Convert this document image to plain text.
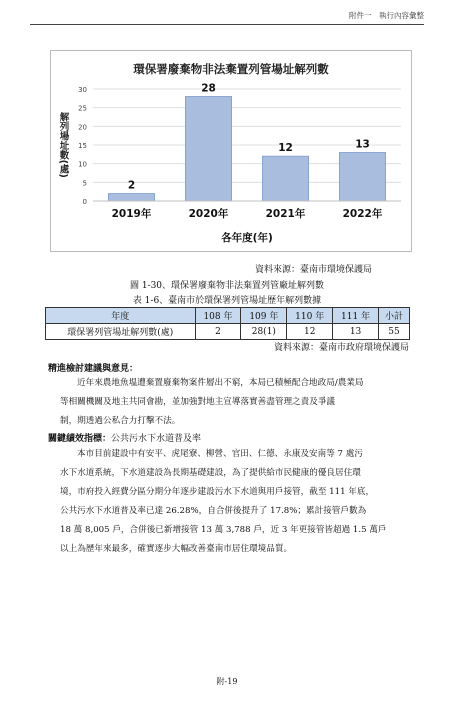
附件一　執行內容彙整
環保署廢棄物非法棄置列管場址解列數
0
5
10
15
20
25
30
解列場址數(處)
2
2019年
28
2020年
12
2021年
13
2022年
各年度(年)
資料來源：臺南市環境保護局
圖 1-30、環保署廢棄物非法棄置列管廠址解列數
表 1-6、臺南市於環保署列管場址歷年解列數據
年度	108 年	109 年	110 年	111 年	小計
環保署列管場址解列數(處)	2	28(1)	12	13	55
資料來源：臺南市政府環境保護局
精進檢討建議與意見：

近年來農地魚塭遭棄置廢棄物案件層出不窮，本局已積極配合地政局/農業局
等相關機關及地主共同會勘，並加強對地主宣導落實善盡管理之責及爭議
制，期透過公私合力打擊不法。

關鍵績效指標：公共污水下水道普及率

本市目前建設中有安平、虎尾寮、柳營、官田、仁德、永康及安南等 7 處污
水下水道系統，下水道建設為長期基礎建設，為了提供給市民健康的優良居住環
境，市府投入經費分區分期分年逐步建設污水下水道與用戶接管，截至 111 年底，
公共污水下水道普及率已達 26.28%，自合併後提升了 17.8%；累計接管戶數為
18 萬 8,005 戶，合併後已新增接管 13 萬 3,788 戶，近 3 年更接管皆超過 1.5 萬戶
以上為歷年來最多，確實逐步大幅改善臺南市居住環境品質。

附-19
